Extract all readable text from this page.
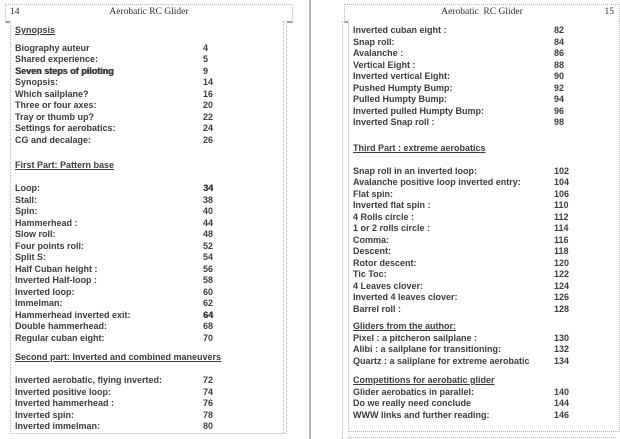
14	Aerobatic RC Glider
Synopsis
Biography auteur	4
Shared experience:	5
Seven steps of piloting	9
Synopsis:	14
Which sailplane?	16
Three or four axes:	20
Tray or thumb up?	22
Settings for aerobatics:	24
CG and decalage:	26
First Part: Pattern base
Loop:	34
Stall:	38
Spin:	40
Hammerhead :	44
Slow roll:	48
Four points roll:	52
Split S:	54
Half Cuban height :	56
Inverted Half-loop :	58
Inverted loop:	60
Immelman:	62
Hammerhead inverted exit:	64
Double hammerhead:	68
Regular cuban eight:	70
Second part: Inverted and combined maneuvers
Inverted aerobatic, flying inverted:	72
Inverted positive loop:	74
Inverted hammerhead :	76
Inverted spin:	78
Inverted immelman:	80
Aerobatic  RC Glider	15
Inverted cuban eight :	82
Snap roll:	84
Avalanche :	86
Vertical Eight :	88
Inverted vertical Eight:	90
Pushed Humpty Bump:	92
Pulled Humpty Bump:	94
Inverted pulled Humpty Bump:	96
Inverted Snap roll :	98
Third Part : extreme aerobatics
Snap roll in an inverted loop:	102
Avalanche positive loop inverted entry:	104
Flat spin:	106
Inverted flat spin :	110
4 Rolls circle :	112
1 or 2 rolls circle :	114
Comma:	116
Descent:	118
Rotor descent:	120
Tic Toc:	122
4 Leaves clover:	124
Inverted 4 leaves clover:	126
Barrel roll :	128
Gliders from the author:
Pixel : a pitcheron sailplane :	130
Alibi : a sailplane for transitioning:	132
Quartz : a sailplane for extreme aerobatic	134
Competitions for aerobatic glider
Glider aerobatics in parallel:	140
Do we really need conclude	144
WWW links and further reading:	146
